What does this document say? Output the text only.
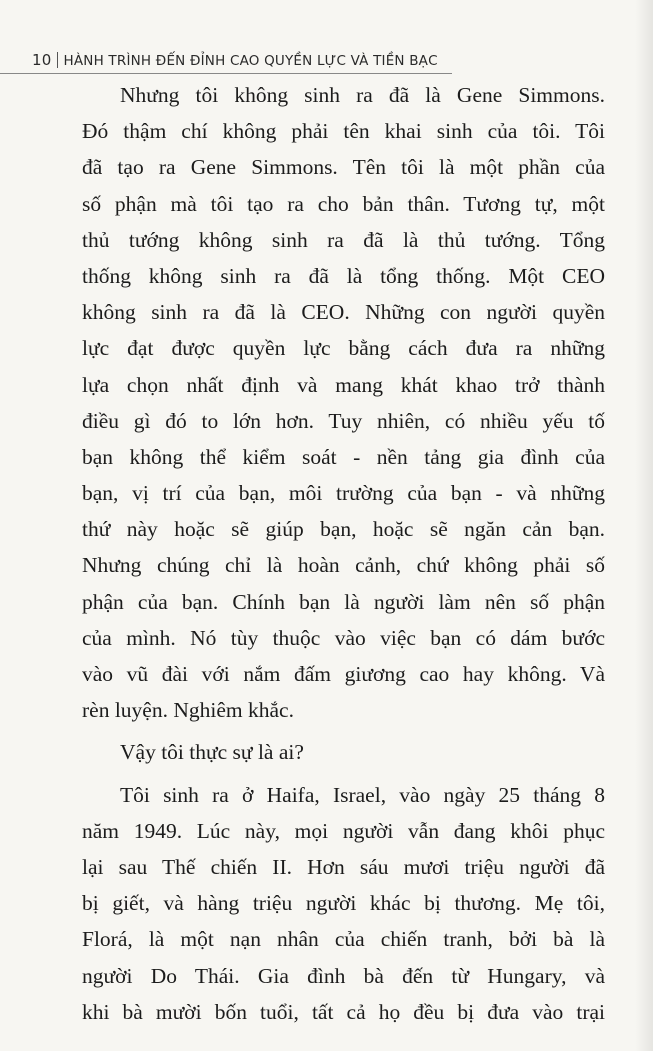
10 HÀNH TRÌNH ĐẾN ĐỈNH CAO QUYỀN LỰC VÀ TIỀN BẠC
Nhưng tôi không sinh ra đã là Gene Simmons.
Đó thậm chí không phải tên khai sinh của tôi. Tôi
đã tạo ra Gene Simmons. Tên tôi là một phần của
số phận mà tôi tạo ra cho bản thân. Tương tự, một
thủ tướng không sinh ra đã là thủ tướng. Tổng
thống không sinh ra đã là tổng thống. Một CEO
không sinh ra đã là CEO. Những con người quyền
lực đạt được quyền lực bằng cách đưa ra những
lựa chọn nhất định và mang khát khao trở thành
điều gì đó to lớn hơn. Tuy nhiên, có nhiều yếu tố
bạn không thể kiểm soát - nền tảng gia đình của
bạn, vị trí của bạn, môi trường của bạn - và những
thứ này hoặc sẽ giúp bạn, hoặc sẽ ngăn cản bạn.
Nhưng chúng chỉ là hoàn cảnh, chứ không phải số
phận của bạn. Chính bạn là người làm nên số phận
của mình. Nó tùy thuộc vào việc bạn có dám bước
vào vũ đài với nắm đấm giương cao hay không. Và
rèn luyện. Nghiêm khắc.
Vậy tôi thực sự là ai?
Tôi sinh ra ở Haifa, Israel, vào ngày 25 tháng 8
năm 1949. Lúc này, mọi người vẫn đang khôi phục
lại sau Thế chiến II. Hơn sáu mươi triệu người đã
bị giết, và hàng triệu người khác bị thương. Mẹ tôi,
Florá, là một nạn nhân của chiến tranh, bởi bà là
người Do Thái. Gia đình bà đến từ Hungary, và
khi bà mười bốn tuổi, tất cả họ đều bị đưa vào trại
